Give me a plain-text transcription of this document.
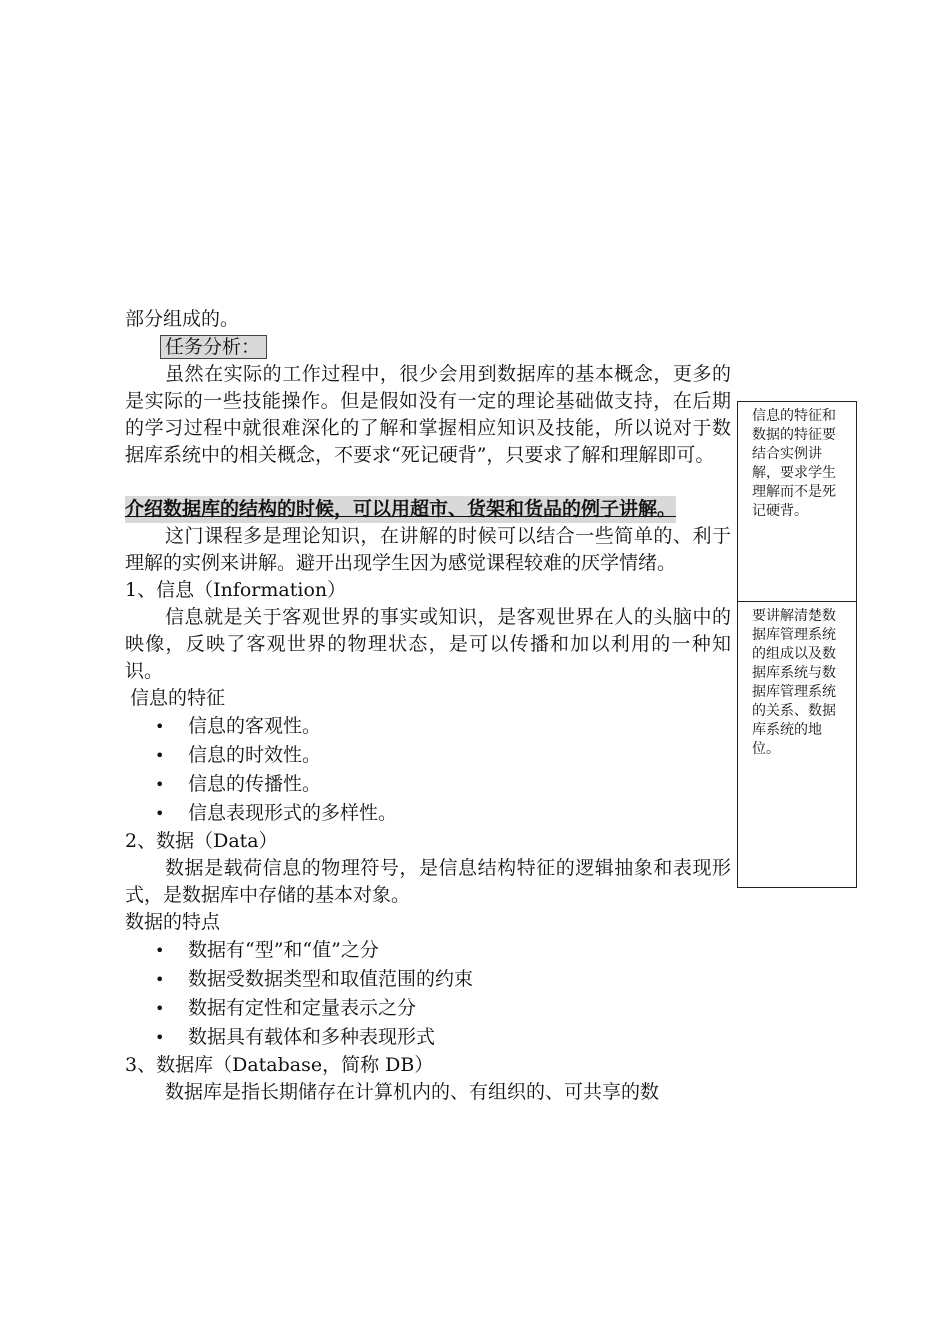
部分组成的。
任务分析：
虽然在实际的工作过程中，很少会用到数据库的基本概念，更多的是实际的一些技能操作。但是假如没有一定的理论基础做支持，在后期的学习过程中就很难深化的了解和掌握相应知识及技能，所以说对于数据库系统中的相关概念，不要求“死记硬背”，只要求了解和理解即可。
介绍数据库的结构的时候，可以用超市、货架和货品的例子讲解。
这门课程多是理论知识，在讲解的时候可以结合一些简单的、利于理解的实例来讲解。避开出现学生因为感觉课程较难的厌学情绪。
1、信息（Information）
信息就是关于客观世界的事实或知识，是客观世界在人的头脑中的映像，反映了客观世界的物理状态，是可以传播和加以利用的一种知识。
信息的特征
• 信息的客观性。
• 信息的时效性。
• 信息的传播性。
• 信息表现形式的多样性。
2、数据（Data）
数据是载荷信息的物理符号，是信息结构特征的逻辑抽象和表现形式，是数据库中存储的基本对象。
数据的特点
• 数据有“型”和“值”之分
• 数据受数据类型和取值范围的约束
• 数据有定性和定量表示之分
• 数据具有载体和多种表现形式
3、数据库（Database，简称 DB）
数据库是指长期储存在计算机内的、有组织的、可共享的数
信息的特征和数据的特征要结合实例讲解，要求学生理解而不是死记硬背。
要讲解清楚数据库管理系统的组成以及数据库系统与数据库管理系统的关系、数据库系统的地位。
